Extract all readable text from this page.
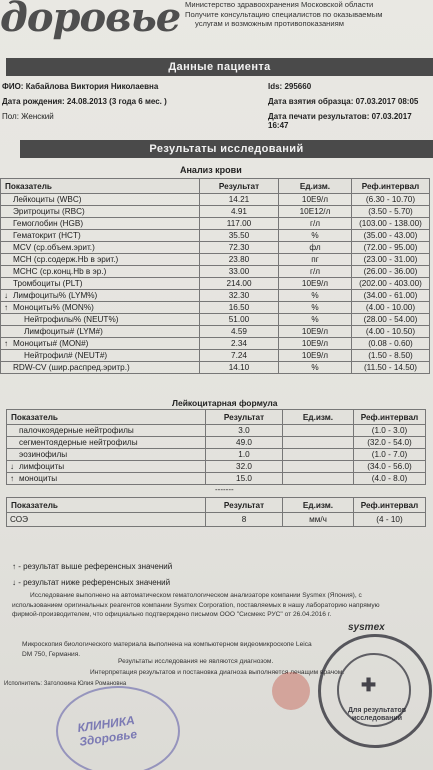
доровье Министерство здравоохранения Московской области
Получите консультацию специалистов по оказываемым
услугам и возможным противопоказаниям
Данные пациента
ФИО: Кабайлова Виктория Николаевна
Дата рождения: 24.08.2013 (3 года 6 мес. )
Пол: Женский
Ids: 295660
Дата взятия образца: 07.03.2017 08:05
Дата печати результатов: 07.03.2017 16:47
Результаты исследований
Анализ крови
Показатель	Результат	Ед.изм.	Реф.интервал
Лейкоциты (WBC)	14.21	10E9/л	(6.30 - 10.70)
Эритроциты (RBC)	4.91	10E12/л	(3.50 - 5.70)
Гемоглобин (HGB)	117.00	г/л	(103.00 - 138.00)
Гематокрит (HCT)	35.50	%	(35.00 - 43.00)
MCV (ср.объем.эрит.)	72.30	фл	(72.00 - 95.00)
MCH (ср.содерж.Hb в эрит.)	23.80	пг	(23.00 - 31.00)
MCHC (ср.конц.Hb в эр.)	33.00	г/л	(26.00 - 36.00)
Тромбоциты (PLT)	214.00	10E9/л	(202.00 - 403.00)
↓ Лимфоциты% (LYM%)	32.30	%	(34.00 - 61.00)
↑ Моноциты% (MON%)	16.50	%	(4.00 - 10.00)
Нейтрофилы% (NEUT%)	51.00	%	(28.00 - 54.00)
Лимфоциты# (LYM#)	4.59	10E9/л	(4.00 - 10.50)
↑ Моноциты# (MON#)	2.34	10E9/л	(0.08 - 0.60)
Нейтрофил# (NEUT#)	7.24	10E9/л	(1.50 - 8.50)
RDW-CV (шир.распред.эритр.)	14.10	%	(11.50 - 14.50)
Лейкоцитарная формула
Показатель	Результат	Ед.изм.	Реф.интервал
палочкоядерные нейтрофилы	3.0		(1.0 - 3.0)
сегментоядерные нейтрофилы	49.0		(32.0 - 54.0)
эозинофилы	1.0		(1.0 - 7.0)
↓ лимфоциты	32.0		(34.0 - 56.0)
↑ моноциты	15.0		(4.0 - 8.0)
-------
Показатель	Результат	Ед.изм.	Реф.интервал
СОЭ	8	мм/ч	(4 - 10)
↑ - результат выше референсных значений
↓ - результат ниже референсных значений
Исследование выполнено на автоматическом гематологическом анализаторе компании Sysmex (Япония), с
использованием оригинальных реагентов компании Sysmex Corporation, поставляемых в нашу лабораторию напрямую
фирмой-производителем, что официально подтверждено письмом ООО "Сисмекс РУС" от 26.04.2016 г.
Микроскопия биологического материала выполнена на компьютерном видеомикроскопе Leica
DM 750, Германия.
Результаты исследования не являются диагнозом.
Интерпретация результатов и постановка диагноза выполняется лечащим врачом.
Исполнитель: Затолокина Юлия Романовна
sysmex
КЛИНИКА Здоровье
Для результатов исследований
✚
